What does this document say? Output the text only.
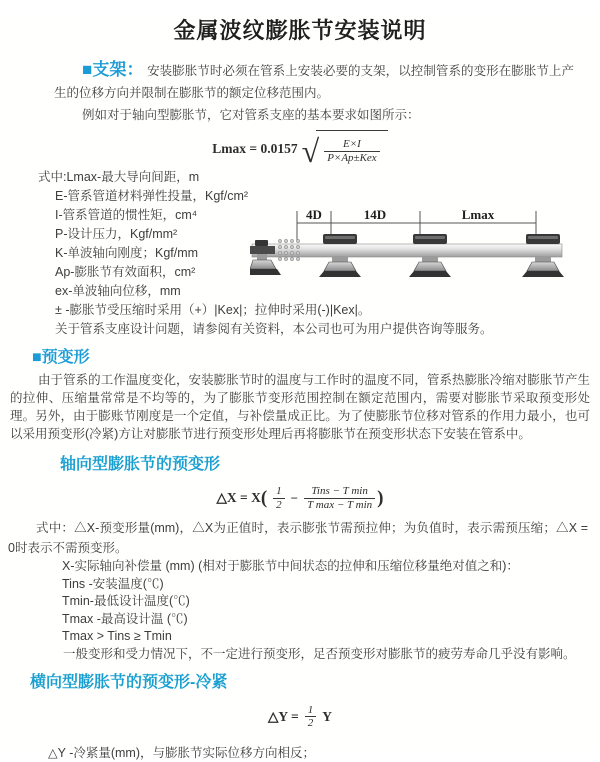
金属波纹膨胀节安装说明
■支架： 安装膨胀节时必须在管系上安装必要的支架，以控制管系的变形在膨胀节上产生的位移方向并限制在膨胀节的额定位移范围内。
例如对于轴向型膨胀节，它对管系支座的基本要求如图所示：
Lmax = 0.0157 √ $\frac{E\times I}{\text{P×Ap±Kex}}$
式中:Lmax-最大导向间距，m
E-管系管道材料弹性投量，Kgf/cm²
I-管系管道的惯性矩，cm⁴
P-设计压力，Kgf/mm²
K-单波轴向刚度；Kgf/mm
Ap-膨胀节有效面积，cm²
ex-单波轴向位移，mm
± -膨胀节受压缩时采用（+）|Kex|；拉伸时采用(-)|Kex|。
关于管系支座设计问题，请参阅有关资料，本公司也可为用户提供咨询等服务。
4D	14D	Lmax
■预变形
由于管系的工作温度变化，安装膨胀节时的温度与工作时的温度不同，管系热膨胀冷缩对膨胀节产生的拉伸、压缩量常常是不均等的，为了膨胀节变形范围控制在额定范围内，需要对膨胀节采取预变形处理。另外，由于膨账节刚度是一个定值，与补偿量成正比。为了使膨胀节位移对管系的作用力最小，也可以采用预变形(冷紧)方让对膨胀节进行预变形处理后再将膨胀节在预变形状态下安装在管系中。
轴向型膨胀节的预变形
△X = $X( \frac{1}{2} - \frac{\text{Tins − T min}}{\text{T max − T min}}$ )
式中：△X-预变形量(mm)，△X为正值时，表示膨张节需预拉伸；为负值时，表示需预压缩；△X = 0时表示不需预变形。
X-实际轴向补偿量 (mm) (相对于膨胀节中间状态的拉伸和压缩位移量绝对值之和)：
Tins -安装温度(℃)
Tmin-最低设计温度(℃)
Tmax -最高设计温 (℃)
Tmax > Tins ≥ Tmin
一般变形和受力情况下，不一定进行预变形，足否预变形对膨胀节的疲劳寿命几乎没有影响。
横向型膨胀节的预变形-冷紧
△Y = $\frac{1}{2}$ Y
△Y -冷紧量(mm)，与膨胀节实际位移方向相反；
